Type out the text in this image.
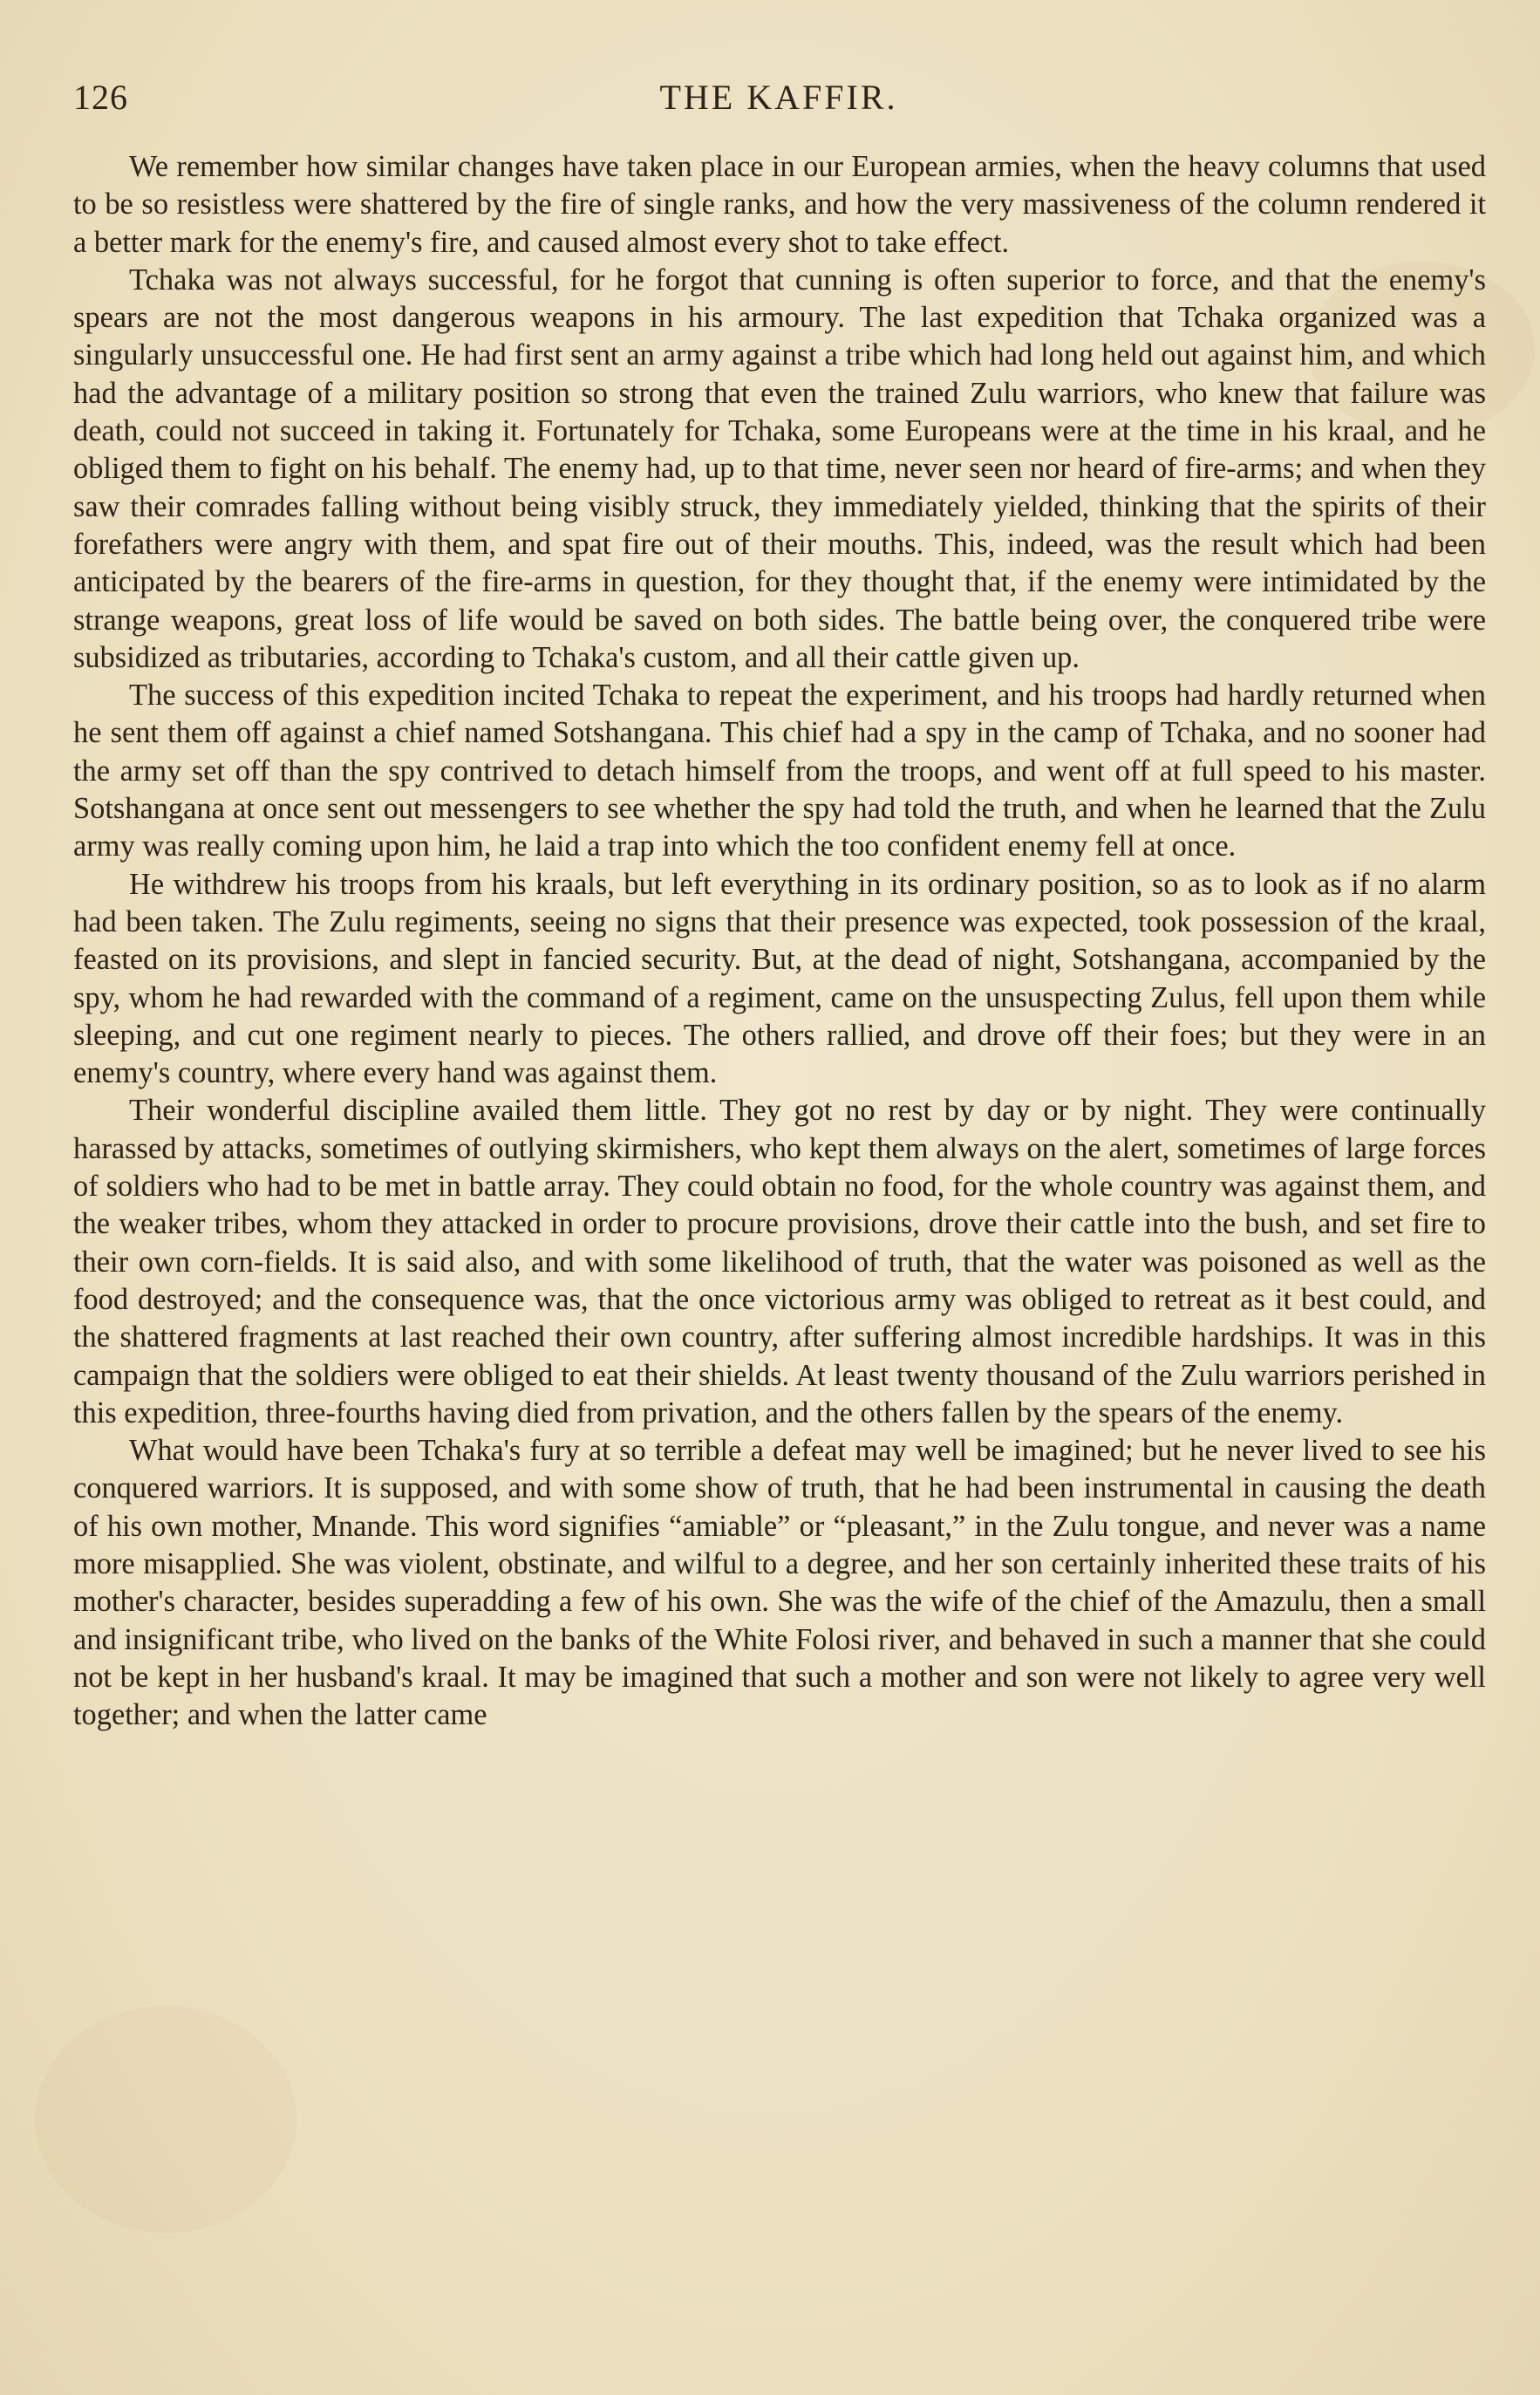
126	THE KAFFIR.

We remember how similar changes have taken place in our European armies, when the heavy columns that used to be so resistless were shattered by the fire of single ranks, and how the very massiveness of the column rendered it a better mark for the enemy's fire, and caused almost every shot to take effect.

Tchaka was not always successful, for he forgot that cunning is often superior to force, and that the enemy's spears are not the most dangerous weapons in his armoury. The last expedition that Tchaka organized was a singularly unsuccessful one. He had first sent an army against a tribe which had long held out against him, and which had the advantage of a military position so strong that even the trained Zulu warriors, who knew that failure was death, could not succeed in taking it. Fortunately for Tchaka, some Europeans were at the time in his kraal, and he obliged them to fight on his behalf. The enemy had, up to that time, never seen nor heard of fire-arms; and when they saw their comrades falling without being visibly struck, they immediately yielded, thinking that the spirits of their forefathers were angry with them, and spat fire out of their mouths. This, indeed, was the result which had been anticipated by the bearers of the fire-arms in question, for they thought that, if the enemy were intimidated by the strange weapons, great loss of life would be saved on both sides. The battle being over, the conquered tribe were subsidized as tributaries, according to Tchaka's custom, and all their cattle given up.

The success of this expedition incited Tchaka to repeat the experiment, and his troops had hardly returned when he sent them off against a chief named Sotshangana. This chief had a spy in the camp of Tchaka, and no sooner had the army set off than the spy contrived to detach himself from the troops, and went off at full speed to his master. Sotshangana at once sent out messengers to see whether the spy had told the truth, and when he learned that the Zulu army was really coming upon him, he laid a trap into which the too confident enemy fell at once.

He withdrew his troops from his kraals, but left everything in its ordinary position, so as to look as if no alarm had been taken. The Zulu regiments, seeing no signs that their presence was expected, took possession of the kraal, feasted on its provisions, and slept in fancied security. But, at the dead of night, Sotshangana, accompanied by the spy, whom he had rewarded with the command of a regiment, came on the unsuspecting Zulus, fell upon them while sleeping, and cut one regiment nearly to pieces. The others rallied, and drove off their foes; but they were in an enemy's country, where every hand was against them.

Their wonderful discipline availed them little. They got no rest by day or by night. They were continually harassed by attacks, sometimes of outlying skirmishers, who kept them always on the alert, sometimes of large forces of soldiers who had to be met in battle array. They could obtain no food, for the whole country was against them, and the weaker tribes, whom they attacked in order to procure provisions, drove their cattle into the bush, and set fire to their own corn-fields. It is said also, and with some likelihood of truth, that the water was poisoned as well as the food destroyed; and the consequence was, that the once victorious army was obliged to retreat as it best could, and the shattered fragments at last reached their own country, after suffering almost incredible hardships. It was in this campaign that the soldiers were obliged to eat their shields. At least twenty thousand of the Zulu warriors perished in this expedition, three-fourths having died from privation, and the others fallen by the spears of the enemy.

What would have been Tchaka's fury at so terrible a defeat may well be imagined; but he never lived to see his conquered warriors. It is supposed, and with some show of truth, that he had been instrumental in causing the death of his own mother, Mnande. This word signifies “amiable” or “pleasant,” in the Zulu tongue, and never was a name more misapplied. She was violent, obstinate, and wilful to a degree, and her son certainly inherited these traits of his mother's character, besides superadding a few of his own. She was the wife of the chief of the Amazulu, then a small and insignificant tribe, who lived on the banks of the White Folosi river, and behaved in such a manner that she could not be kept in her husband's kraal. It may be imagined that such a mother and son were not likely to agree very well together; and when the latter came
